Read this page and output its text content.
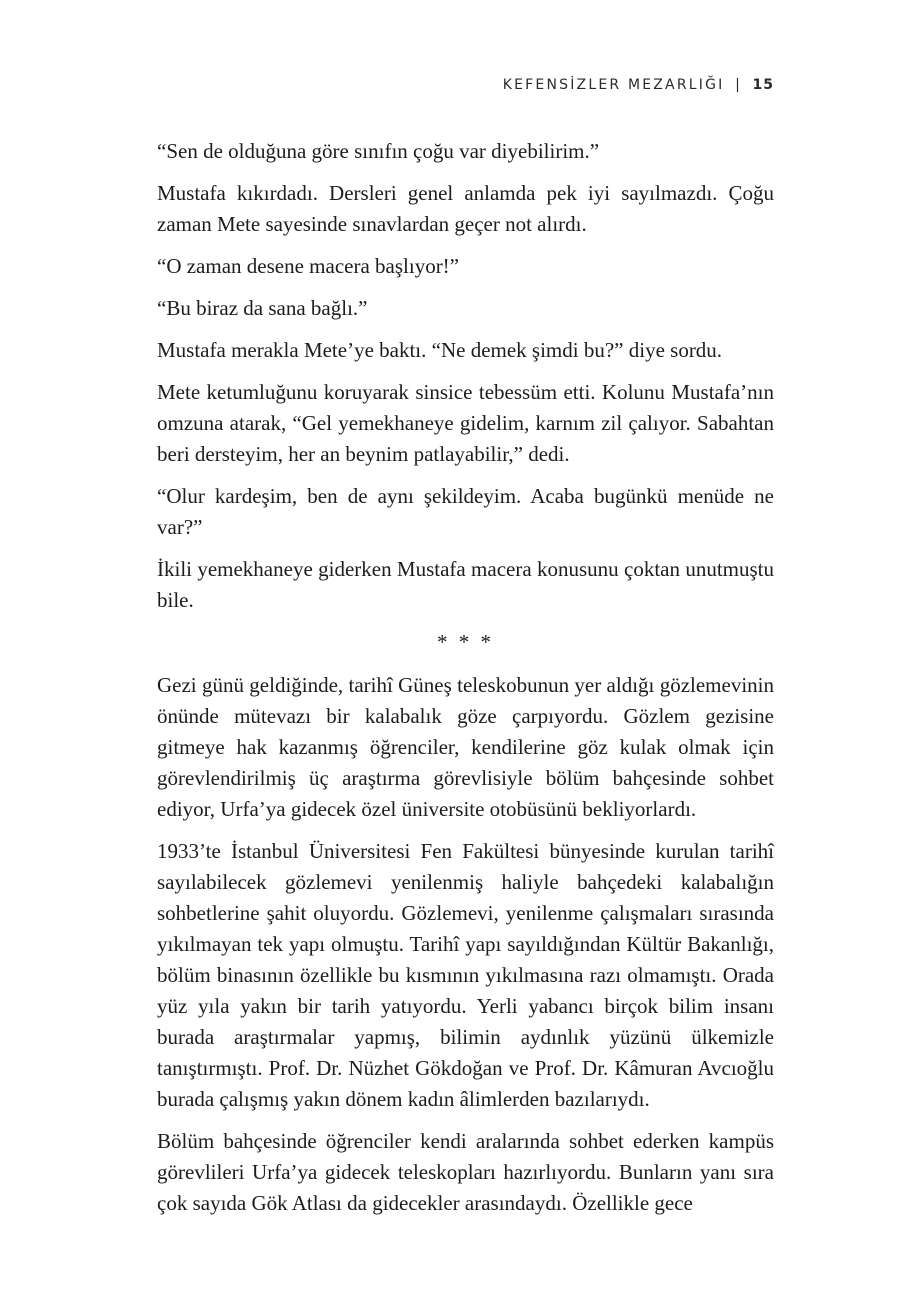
KEFENSİZLER MEZARLIĞI | 15

“Sen de olduğuna göre sınıfın çoğu var diyebilirim.”

Mustafa kıkırdadı. Dersleri genel anlamda pek iyi sayılmazdı. Çoğu zaman Mete sayesinde sınavlardan geçer not alırdı.

“O zaman desene macera başlıyor!”

“Bu biraz da sana bağlı.”

Mustafa merakla Mete’ye baktı. “Ne demek şimdi bu?” diye sordu.

Mete ketumluğunu koruyarak sinsice tebessüm etti. Kolunu Mustafa’nın omzuna atarak, “Gel yemekhaneye gidelim, karnım zil çalıyor. Sabahtan beri dersteyim, her an beynim patlayabilir,” dedi.

“Olur kardeşim, ben de aynı şekildeyim. Acaba bugünkü menüde ne var?”

İkili yemekhaneye giderken Mustafa macera konusunu çoktan unutmuştu bile.

* * *

Gezi günü geldiğinde, tarihî Güneş teleskobunun yer aldığı gözlemevinin önünde mütevazı bir kalabalık göze çarpıyordu. Gözlem gezisine gitmeye hak kazanmış öğrenciler, kendilerine göz kulak olmak için görevlendirilmiş üç araştırma görevlisiyle bölüm bahçesinde sohbet ediyor, Urfa’ya gidecek özel üniversite otobüsünü bekliyorlardı.

1933’te İstanbul Üniversitesi Fen Fakültesi bünyesinde kurulan tarihî sayılabilecek gözlemevi yenilenmiş haliyle bahçedeki kalabalığın sohbetlerine şahit oluyordu. Gözlemevi, yenilenme çalışmaları sırasında yıkılmayan tek yapı olmuştu. Tarihî yapı sayıldığından Kültür Bakanlığı, bölüm binasının özellikle bu kısmının yıkılmasına razı olmamıştı. Orada yüz yıla yakın bir tarih yatıyordu. Yerli yabancı birçok bilim insanı burada araştırmalar yapmış, bilimin aydınlık yüzünü ülkemizle tanıştırmıştı. Prof. Dr. Nüzhet Gökdoğan ve Prof. Dr. Kâmuran Avcıoğlu burada çalışmış yakın dönem kadın âlimlerden bazılarıydı.

Bölüm bahçesinde öğrenciler kendi aralarında sohbet ederken kampüs görevlileri Urfa’ya gidecek teleskopları hazırlıyordu. Bunların yanı sıra çok sayıda Gök Atlası da gidecekler arasındaydı. Özellikle gece
